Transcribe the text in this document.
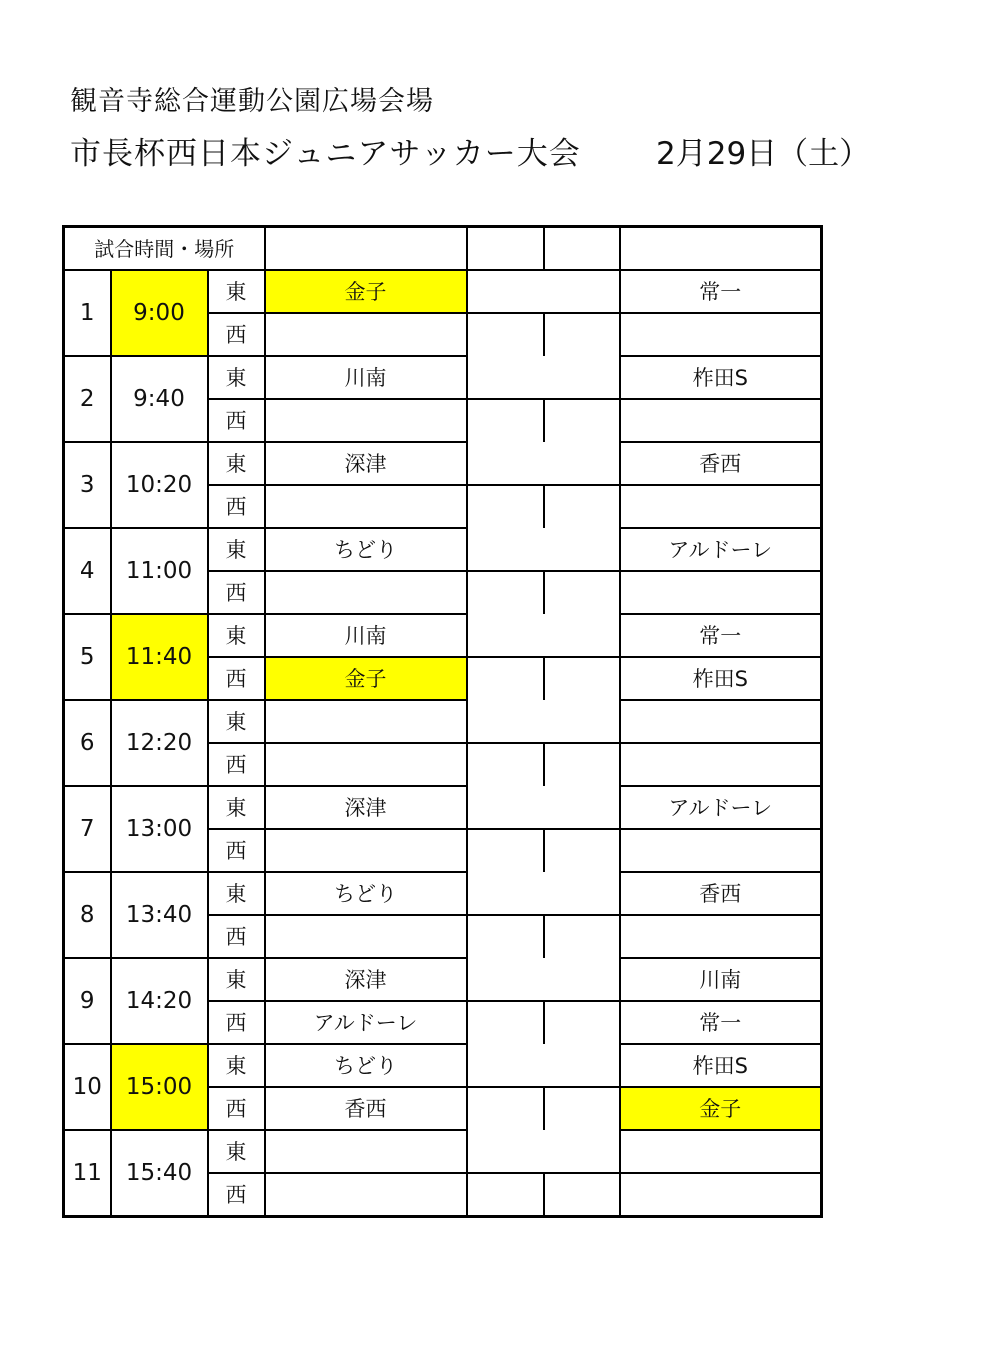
観音寺総合運動公園広場会場
市長杯西日本ジュニアサッカー大会 2月29日（土）
試合時間・場所						
1	9:00	東	金子			常一
		西				
2	9:40	東	川南			柞田S
		西				
3	10:20	東	深津			香西
		西				
4	11:00	東	ちどり			アルドーレ
		西				
5	11:40	東	川南			常一
		西	金子			柞田S
6	12:20	東				
		西				
7	13:00	東	深津			アルドーレ
		西				
8	13:40	東	ちどり			香西
		西				
9	14:20	東	深津			川南
		西	アルドーレ			常一
10	15:00	東	ちどり			柞田S
		西	香西			金子
11	15:40	東				
		西				
